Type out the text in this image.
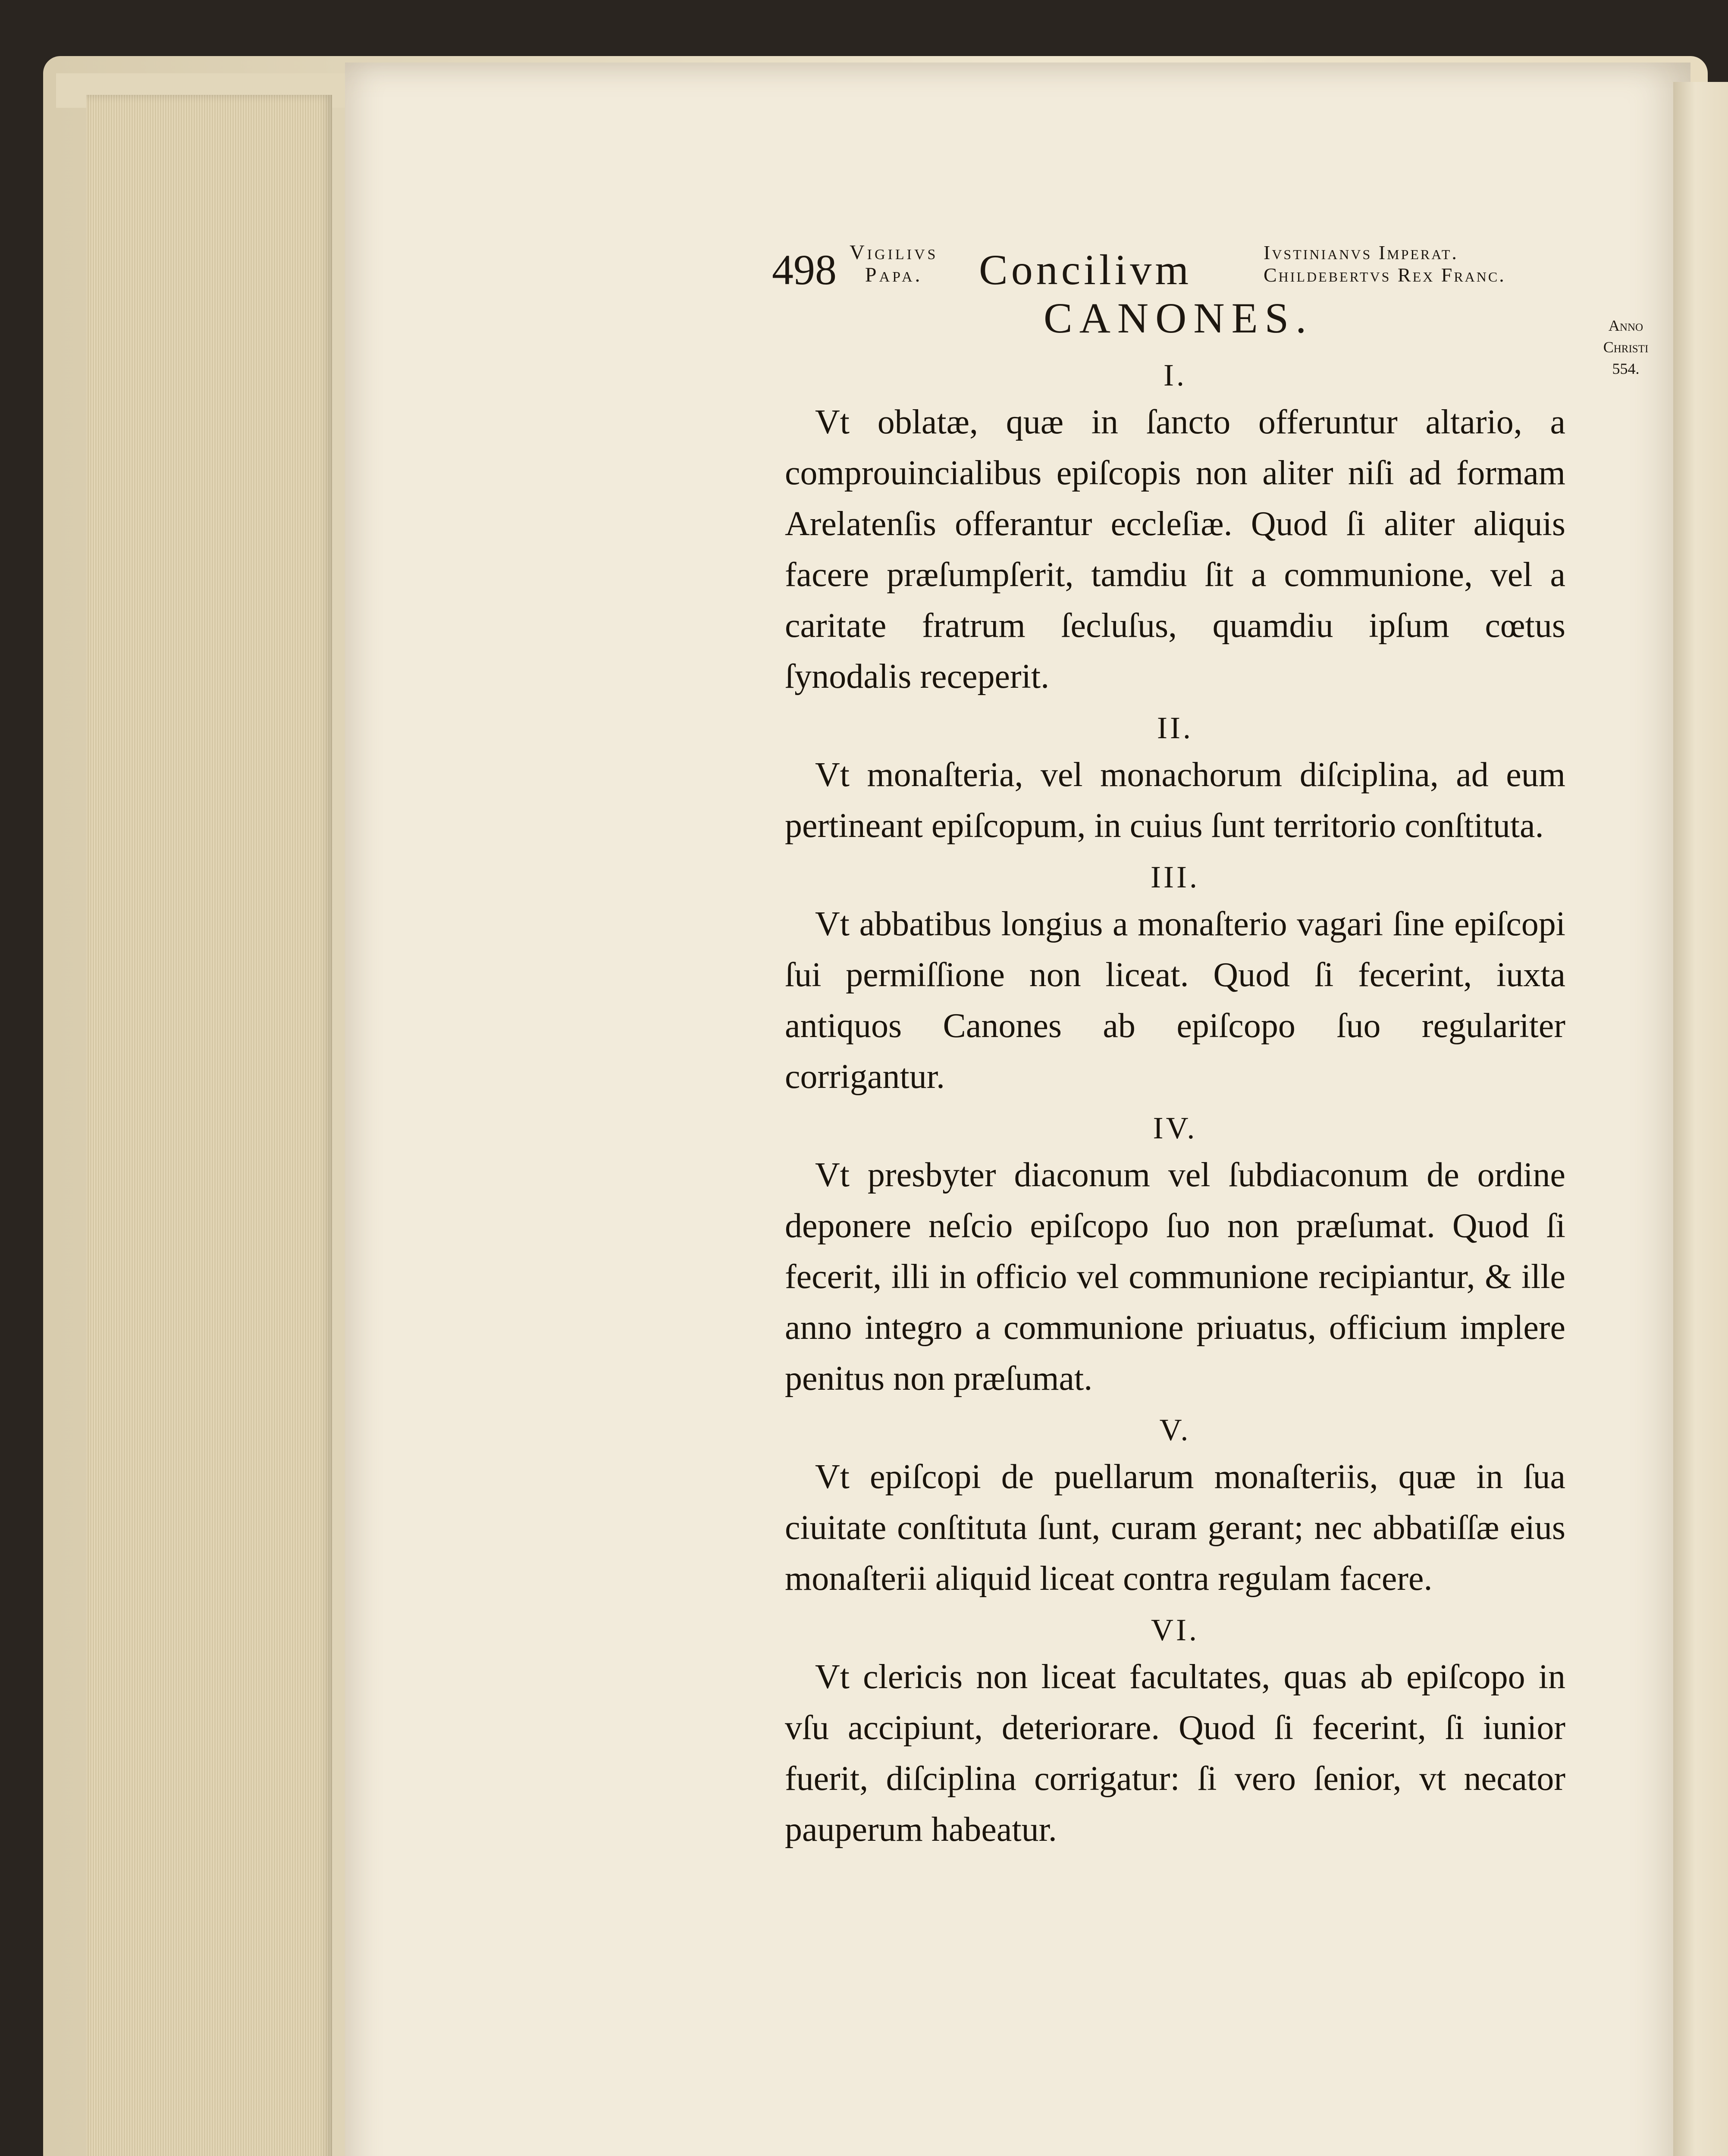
498 Vigilivs
Papa.	Concilivm	Ivstinianvs Imperat.
Childebertvs Rex Franc.
CANONES.	Anno
Christi
554.
I.

Vt oblatæ, quæ in ſancto offeruntur altario, a comprouincialibus epiſcopis non aliter niſi ad formam Arelatenſis offerantur eccleſiæ. Quod ſi aliter aliquis facere præſumpſerit, tamdiu ſit a communione, vel a caritate fratrum ſecluſus, quamdiu ipſum cœtus ſynodalis receperit.

II.

Vt monaſteria, vel monachorum diſciplina, ad eum pertineant epiſcopum, in cuius ſunt territorio conſtituta.

III.

Vt abbatibus longius a monaſterio vagari ſine epiſcopi ſui permiſſione non liceat. Quod ſi fecerint, iuxta antiquos Canones ab epiſcopo ſuo regulariter corrigantur.

IV.

Vt presbyter diaconum vel ſubdiaconum de ordine deponere neſcio epiſcopo ſuo non præſumat. Quod ſi fecerit, illi in officio vel communione recipiantur, & ille anno integro a communione priuatus, officium implere penitus non præſumat.

V.

Vt epiſcopi de puellarum monaſteriis, quæ in ſua ciuitate conſtituta ſunt, curam gerant; nec abbatiſſæ eius monaſterii aliquid liceat contra regulam facere.

VI.

Vt clericis non liceat facultates, quas ab epiſcopo in vſu accipiunt, deteriorare. Quod ſi fecerint, ſi iunior fuerit, diſciplina corrigatur: ſi vero ſenior, vt necator pauperum habeatur.
